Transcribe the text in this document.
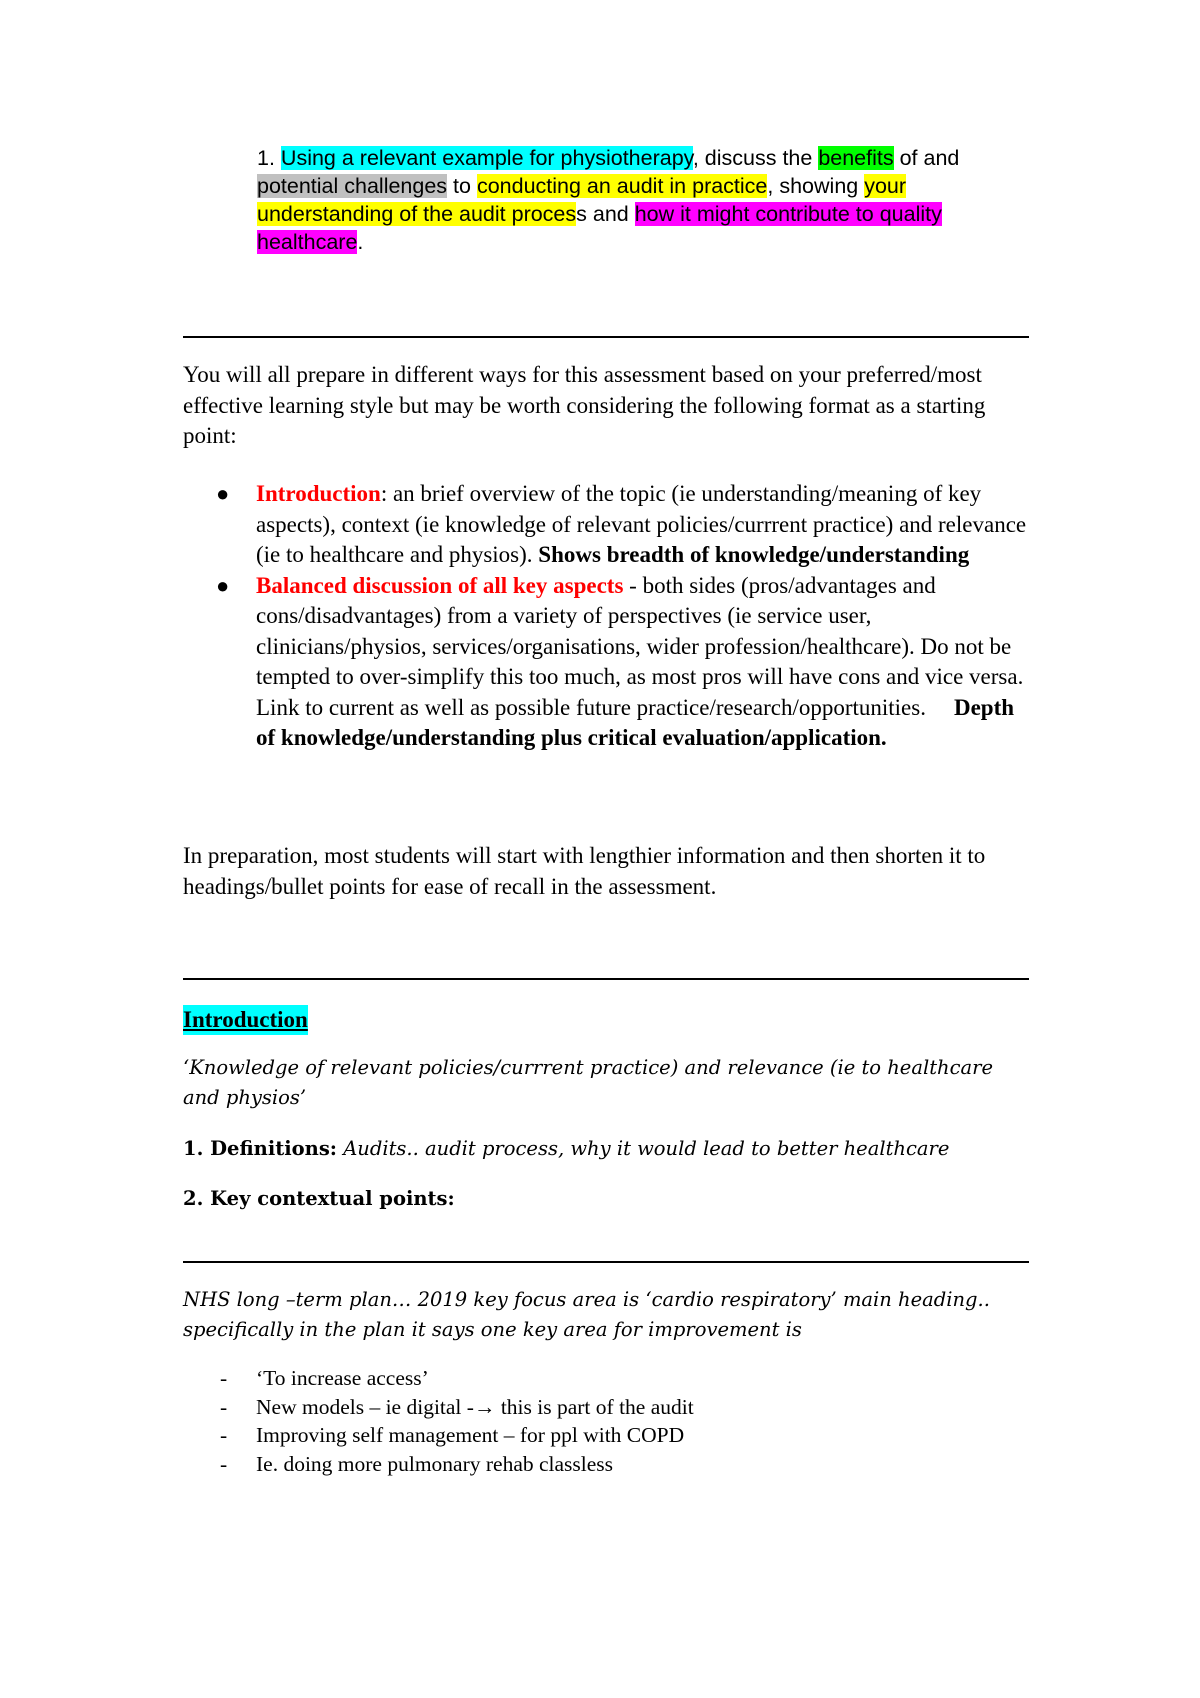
1. Using a relevant example for physiotherapy, discuss the benefits of and potential challenges to conducting an audit in practice, showing your understanding of the audit process and how it might contribute to quality healthcare.
You will all prepare in different ways for this assessment based on your preferred/most effective learning style but may be worth considering the following format as a starting point:
● Introduction: an brief overview of the topic (ie understanding/meaning of key aspects), context (ie knowledge of relevant policies/currrent practice) and relevance (ie to healthcare and physios). Shows breadth of knowledge/understanding
● Balanced discussion of all key aspects - both sides (pros/advantages and cons/disadvantages) from a variety of perspectives (ie service user, clinicians/physios, services/organisations, wider profession/healthcare). Do not be tempted to over-simplify this too much, as most pros will have cons and vice versa. Link to current as well as possible future practice/research/opportunities. Depth of knowledge/understanding plus critical evaluation/application.
In preparation, most students will start with lengthier information and then shorten it to headings/bullet points for ease of recall in the assessment.
Introduction
‘Knowledge of relevant policies/currrent practice) and relevance (ie to healthcare and physios’
1. Definitions: Audits.. audit process, why it would lead to better healthcare
2. Key contextual points:
NHS long –term plan… 2019 key focus area is ‘cardio respiratory’ main heading.. specifically in the plan it says one key area for improvement is
- ‘To increase access’
- New models – ie digital -→ this is part of the audit
- Improving self management – for ppl with COPD
- Ie. doing more pulmonary rehab classless
